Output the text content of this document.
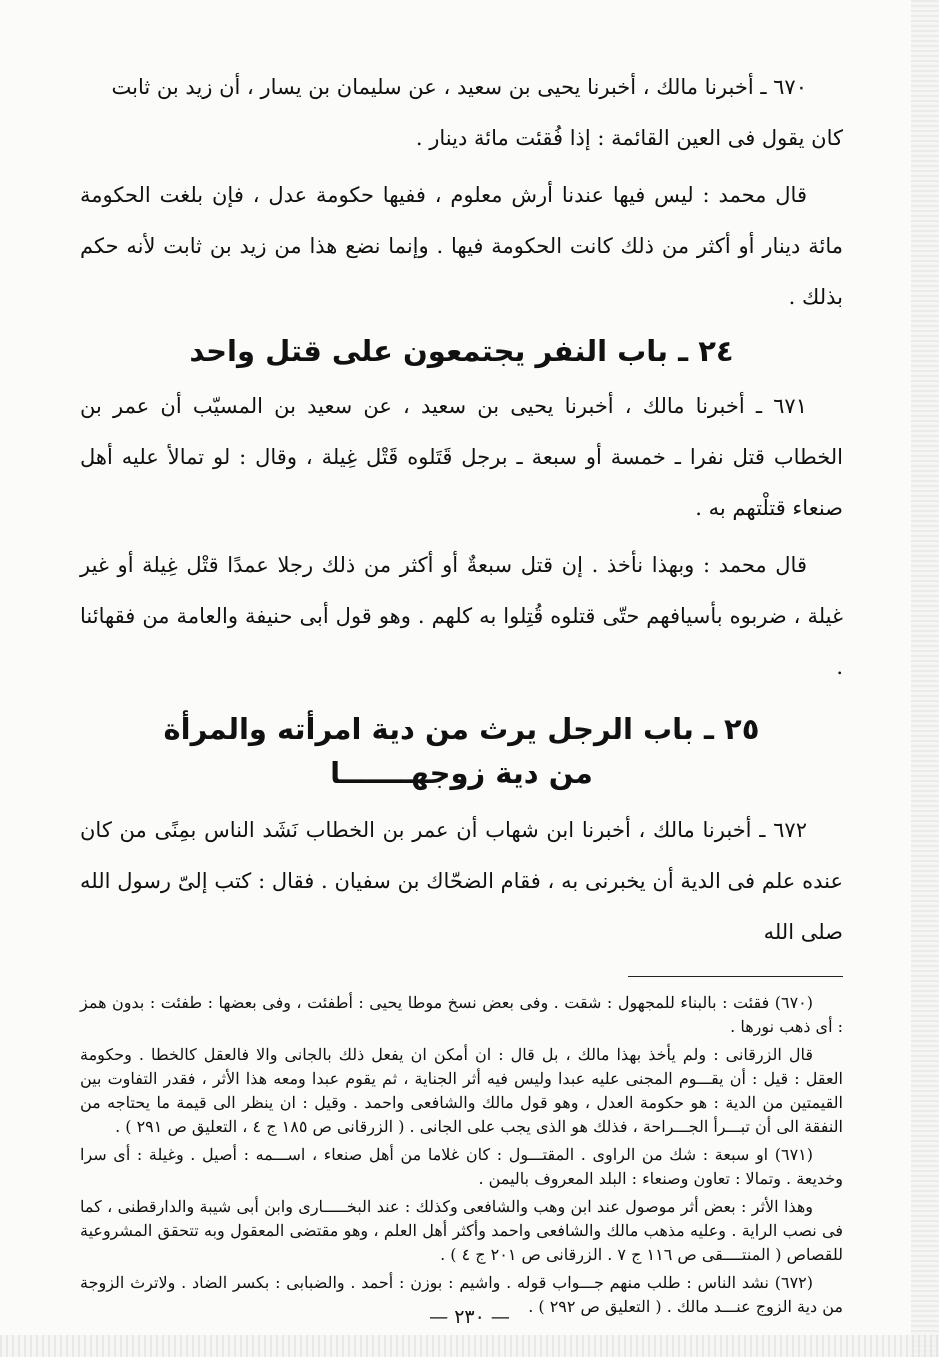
٦٧٠ ـ أخبرنا مالك ، أخبرنا يحيى بن سعيد ، عن سليمان بن يسار ، أن زيد بن ثابت
كان يقول فى العين القائمة : إذا فُقئت مائة دينار .

قال محمد : ليس فيها عندنا أرش معلوم ، ففيها حكومة عدل ، فإن بلغت الحكومة مائة دينار أو أكثر من ذلك كانت الحكومة فيها . وإنما نضع هذا من زيد بن ثابت لأنه حكم بذلك .

٢٤ ـ باب النفر يجتمعون على قتل واحد

٦٧١ ـ أخبرنا مالك ، أخبرنا يحيى بن سعيد ، عن سعيد بن المسيّب أن عمر بن الخطاب قتل نفرا ـ خمسة أو سبعة ـ برجل قَتَلوه قَتْل غِيلة ، وقال : لو تمالأ عليه أهل صنعاء قتلْتهم به .

قال محمد : وبهذا نأخذ . إن قتل سبعةٌ أو أكثر من ذلك رجلا عمدًا قتْل غِيلة أو غير غيلة ، ضربوه بأسيافهم حتّى قتلوه قُتِلوا به كلهم . وهو قول أبى حنيفة والعامة من فقهائنا .

٢٥ ـ باب الرجل يرث من دية امرأته والمرأة
من دية زوجهـــــــا

٦٧٢ ـ أخبرنا مالك ، أخبرنا ابن شهاب أن عمر بن الخطاب نَشَد الناس بمِنًى من كان عنده علم فى الدية أن يخبرنى به ، فقام الضحّاك بن سفيان . فقال : كتب إلىّ رسول الله صلى الله

(٦٧٠) فقئت : بالبناء للمجهول : شقت . وفى بعض نسخ موطا يحيى : أطفئت ، وفى بعضها : طفئت : بدون همز : أى ذهب نورها .

قال الزرقانى : ولم يأخذ بهذا مالك ، بل قال : ان أمكن ان يفعل ذلك بالجانى والا فالعقل كالخطا . وحكومة العقل : قيل : أن يقـــوم المجنى عليه عبدا وليس فيه أثر الجناية ، ثم يقوم عبدا ومعه هذا الأثر ، فقدر التفاوت بين القيمتين من الدية : هو حكومة العدل ، وهو قول مالك والشافعى واحمد . وقيل : ان ينظر الى قيمة ما يحتاجه من النفقة الى أن تبـــرأ الجـــراحة ، فذلك هو الذى يجب على الجانى . ( الزرقانى ص ١٨٥ ج ٤ ، التعليق ص ٢٩١ ) .

(٦٧١) او سبعة : شك من الراوى . المقتـــول : كان غلاما من أهل صنعاء ، اســـمه : أصيل . وغيلة : أى سرا وخديعة . وتمالا : تعاون وصنعاء : البلد المعروف باليمن .

وهذا الأثر : بعض أثر موصول عند ابن وهب والشافعى وكذلك : عند البخـــــارى وابن أبى شيبة والدارقطنى ، كما فى نصب الراية . وعليه مذهب مالك والشافعى واحمد وأكثر أهل العلم ، وهو مقتضى المعقول وبه تتحقق المشروعية للقصاص ( المنتــــقى ص ١١٦ ج ٧ . الزرقانى ص ٢٠١ ج ٤ ) .

(٦٧٢) نشد الناس : طلب منهم جـــواب قوله . واشيم : بوزن : أحمد . والضبابى : بكسر الضاد . ولاترث الزوجة من دية الزوج عنـــد مالك . ( التعليق ص ٢٩٢ ) .

— ٢٣٠ —
